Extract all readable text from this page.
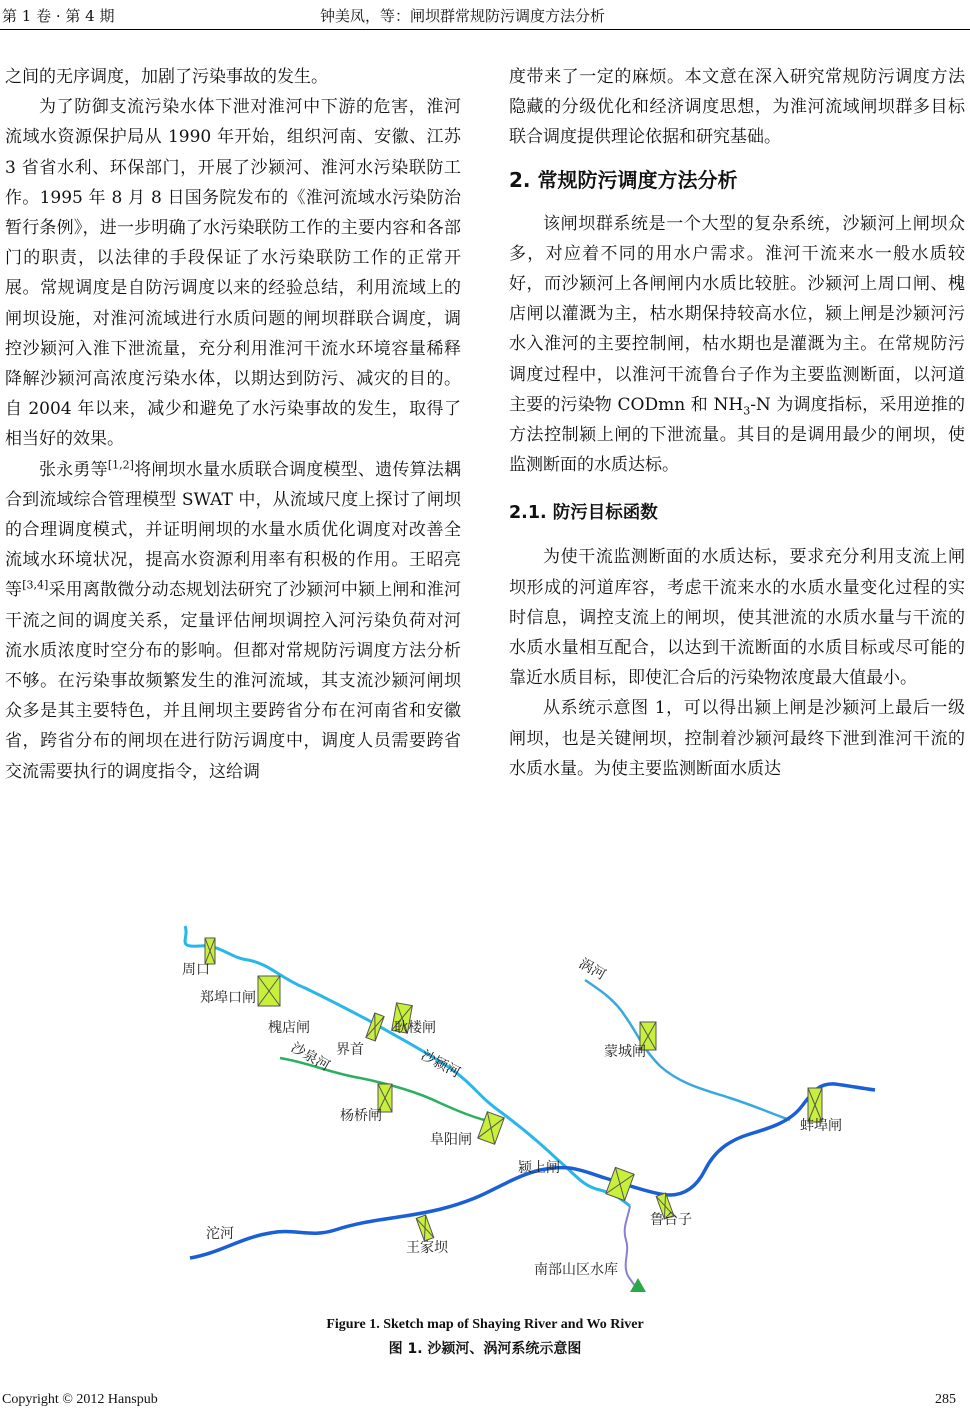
第 1 卷 · 第 4 期	钟美凤，等：闸坝群常规防污调度方法分析

之间的无序调度，加剧了污染事故的发生。

为了防御支流污染水体下泄对淮河中下游的危害，淮河流域水资源保护局从 1990 年开始，组织河南、安徽、江苏 3 省省水利、环保部门，开展了沙颍河、淮河水污染联防工作。1995 年 8 月 8 日国务院发布的《淮河流域水污染防治暂行条例》，进一步明确了水污染联防工作的主要内容和各部门的职责，以法律的手段保证了水污染联防工作的正常开展。常规调度是自防污调度以来的经验总结，利用流域上的闸坝设施，对淮河流域进行水质问题的闸坝群联合调度，调控沙颍河入淮下泄流量，充分利用淮河干流水环境容量稀释降解沙颍河高浓度污染水体，以期达到防污、减灾的目的。自 2004 年以来，减少和避免了水污染事故的发生，取得了相当好的效果。

张永勇等[1,2]将闸坝水量水质联合调度模型、遗传算法耦合到流域综合管理模型 SWAT 中，从流域尺度上探讨了闸坝的合理调度模式，并证明闸坝的水量水质优化调度对改善全流域水环境状况，提高水资源利用率有积极的作用。王昭亮等[3,4]采用离散微分动态规划法研究了沙颍河中颍上闸和淮河干流之间的调度关系，定量评估闸坝调控入河污染负荷对河流水质浓度时空分布的影响。但都对常规防污调度方法分析不够。在污染事故频繁发生的淮河流域，其支流沙颍河闸坝众多是其主要特色，并且闸坝主要跨省分布在河南省和安徽省，跨省分布的闸坝在进行防污调度中，调度人员需要跨省交流需要执行的调度指令，这给调

度带来了一定的麻烦。本文意在深入研究常规防污调度方法隐藏的分级优化和经济调度思想，为淮河流域闸坝群多目标联合调度提供理论依据和研究基础。

2. 常规防污调度方法分析

该闸坝群系统是一个大型的复杂系统，沙颍河上闸坝众多，对应着不同的用水户需求。淮河干流来水一般水质较好，而沙颍河上各闸闸内水质比较脏。沙颍河上周口闸、槐店闸以灌溉为主，枯水期保持较高水位，颍上闸是沙颍河污水入淮河的主要控制闸，枯水期也是灌溉为主。在常规防污调度过程中，以淮河干流鲁台子作为主要监测断面，以河道主要的污染物 CODmn 和 $NH_3-N$ 为调度指标，采用逆推的方法控制颍上闸的下泄流量。其目的是调用最少的闸坝，使监测断面的水质达标。

2.1. 防污目标函数

为使干流监测断面的水质达标，要求充分利用支流上闸坝形成的河道库容，考虑干流来水的水质水量变化过程的实时信息，调控支流上的闸坝，使其泄流的水质水量与干流的水质水量相互配合，以达到干流断面的水质目标或尽可能的靠近水质目标，即使汇合后的污染物浓度最大值最小。

从系统示意图 1，可以得出颍上闸是沙颍河上最后一级闸坝，也是关键闸坝，控制着沙颍河最终下泄到淮河干流的水质水量。为使主要监测断面水质达

周口
郑埠口闸
槐店闸
界首
耿楼闸
沙颍河
沙泉河
杨桥闸
阜阳闸
颍上闸
涡河
蒙城闸
蚌埠闸
鲁台子
沱河
王家坝
南部山区水库
Figure 1. Sketch map of Shaying River and Wo River
图 1. 沙颍河、涡河系统示意图
Copyright © 2012 Hanspub	285
